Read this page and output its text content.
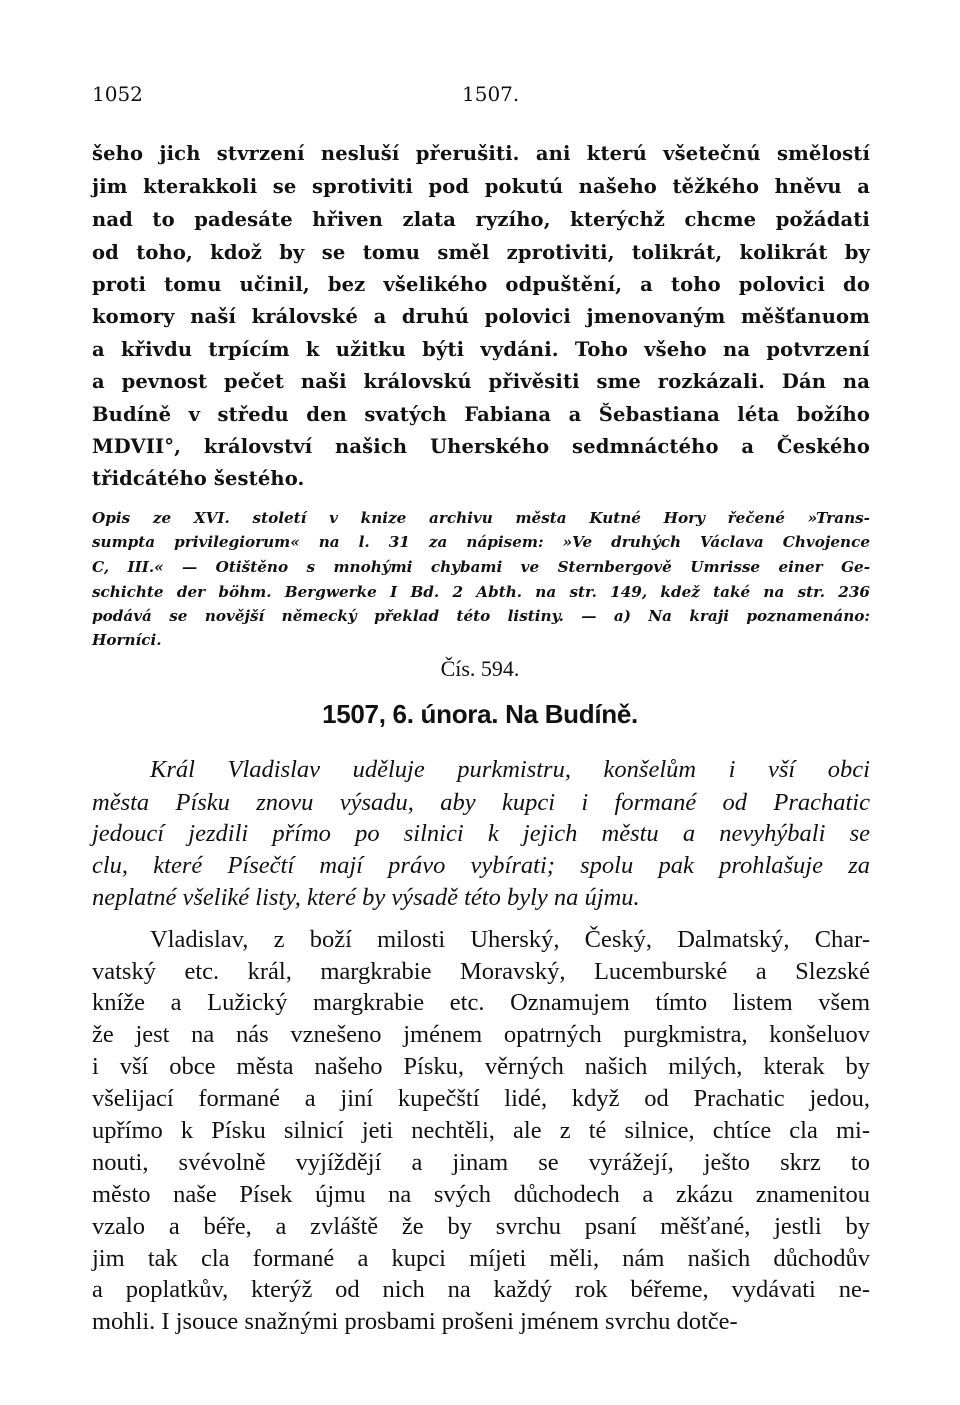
1052	1507.
šeho jich stvrzení nesluší přerušiti. ani kterú všetečnú smělostí
jim kterakkoli se sprotiviti pod pokutú našeho těžkého hněvu a
nad to padesáte hřiven zlata ryzího, kterýchž chcme požádati
od toho, kdož by se tomu směl zprotiviti, tolikrát, kolikrát by
proti tomu učinil, bez všelikého odpuštění, a toho polovici do
komory naší královské a druhú polovici jmenovaným měšťanuom
a křivdu trpícím k užitku býti vydáni. Toho všeho na potvrzení
a pevnost pečet naši královskú přivěsiti sme rozkázali. Dán na
Budíně v středu den svatých Fabiana a Šebastiana léta božího
MDVII°, království našich Uherského sedmnáctého a Českého
třidcátého šestého.
Opis ze XVI. století v knize archivu města Kutné Hory řečené »Trans-
sumpta privilegiorum« na l. 31 za nápisem: »Ve druhých Václava Chvojence
C, III.« — Otištěno s mnohými chybami ve Sternbergově Umrisse einer Ge-
schichte der böhm. Bergwerke I Bd. 2 Abth. na str. 149, kdež také na str. 236
podává se novější německý překlad této listiny. — a) Na kraji poznamenáno:
Horníci.
Čís. 594.
1507, 6. února. Na Budíně.
Král Vladislav uděluje purkmistru, konšelům i vší obci
města Písku znovu výsadu, aby kupci i formané od Prachatic
jedoucí jezdili přímo po silnici k jejich městu a nevyhýbali se
clu, které Písečtí mají právo vybírati; spolu pak prohlašuje za
neplatné všeliké listy, které by výsadě této byly na újmu.
Vladislav, z boží milosti Uherský, Český, Dalmatský, Char-
vatský etc. král, margkrabie Moravský, Lucemburské a Slezské
kníže a Lužický margkrabie etc. Oznamujem tímto listem všem
že jest na nás vznešeno jménem opatrných purgkmistra, konšeluov
i vší obce města našeho Písku, věrných našich milých, kterak by
všelijací formané a jiní kupečští lidé, když od Prachatic jedou,
upřímo k Písku silnicí jeti nechtěli, ale z té silnice, chtíce cla mi-
nouti, svévolně vyjíždějí a jinam se vyrážejí, ješto skrz to
město naše Písek újmu na svých důchodech a zkázu znamenitou
vzalo a béře, a zvláště že by svrchu psaní měšťané, jestli by
jim tak cla formané a kupci míjeti měli, nám našich důchodův
a poplatkův, kterýž od nich na každý rok béřeme, vydávati ne-
mohli. I jsouce snažnými prosbami prošeni jménem svrchu dotče-
